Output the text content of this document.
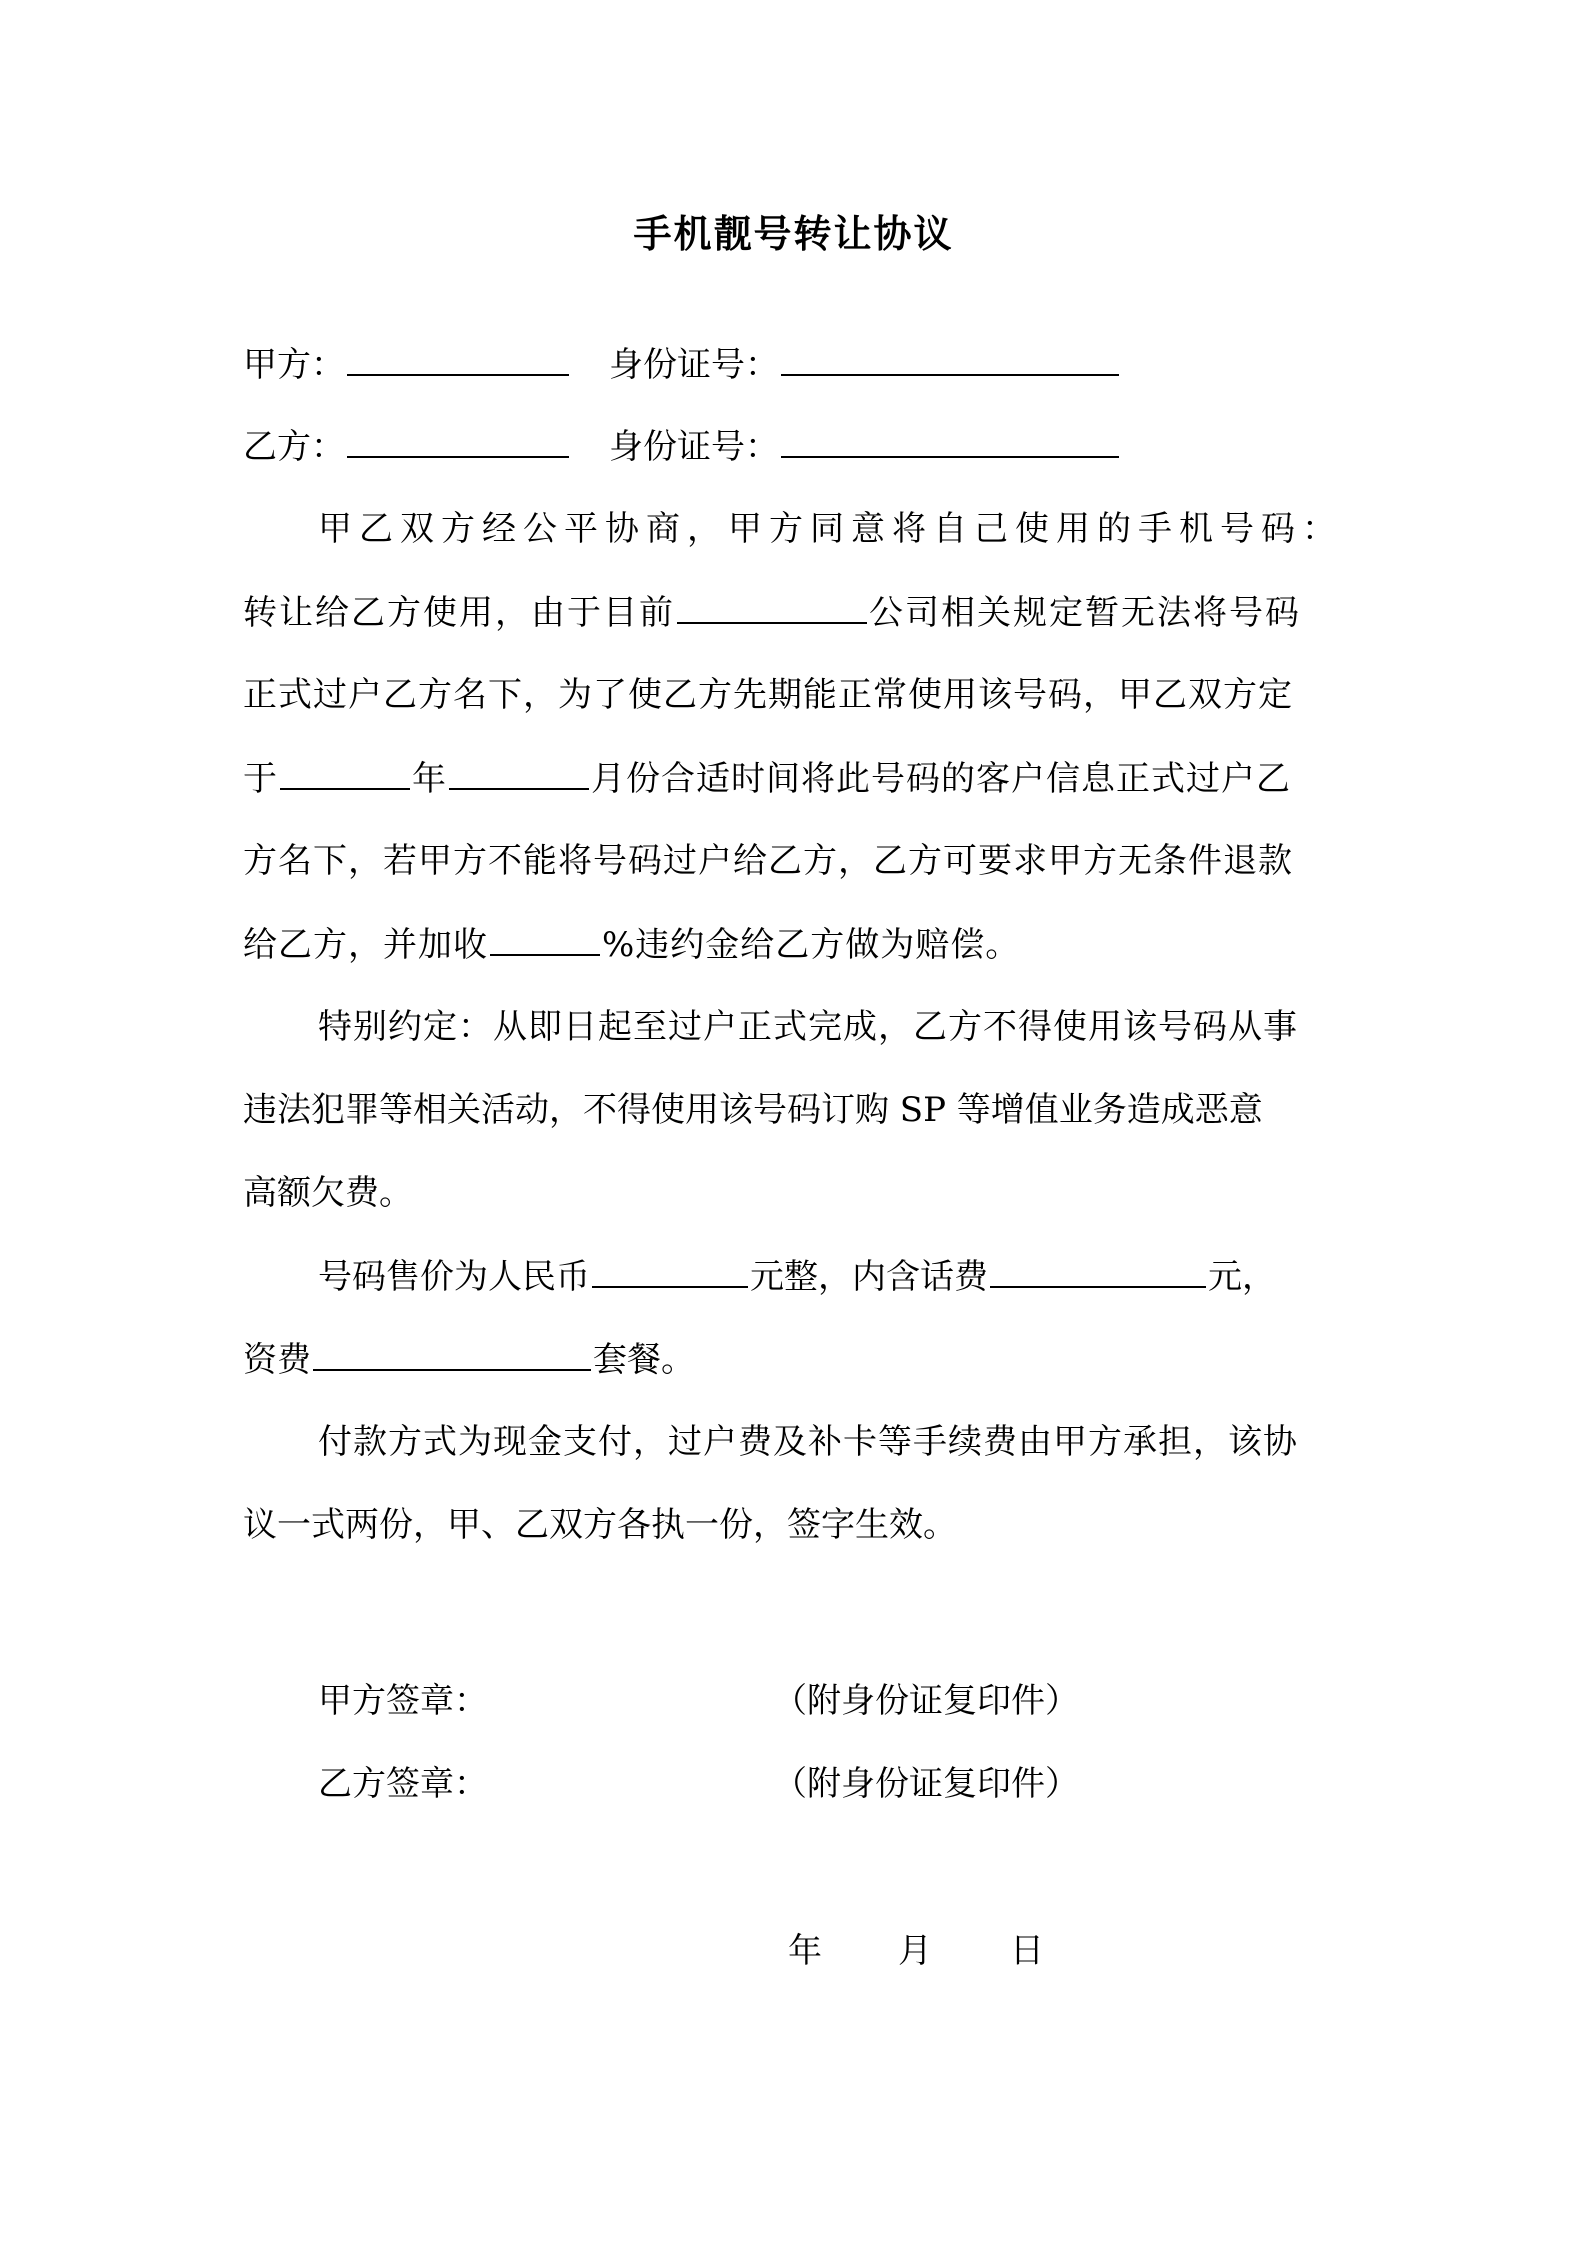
手机靓号转让协议
甲方：	身份证号：
乙方：	身份证号：
甲乙双方经公平协商，甲方同意将自己使用的手机号码：
转让给乙方使用，由于目前	公司相关规定暂无法将号码
正式过户乙方名下，为了使乙方先期能正常使用该号码，甲乙双方定
于	年	月份合适时间将此号码的客户信息正式过户乙
方名下，若甲方不能将号码过户给乙方，乙方可要求甲方无条件退款
给乙方，并加收	%违约金给乙方做为赔偿。
特别约定：从即日起至过户正式完成，乙方不得使用该号码从事
违法犯罪等相关活动，不得使用该号码订购 SP 等增值业务造成恶意
高额欠费。
号码售价为人民币	元整，内含话费	元，
资费	套餐。
付款方式为现金支付，过户费及补卡等手续费由甲方承担，该协
议一式两份，甲、乙双方各执一份，签字生效。
甲方签章：	（附身份证复印件）
乙方签章：	（附身份证复印件）
年 月 日
